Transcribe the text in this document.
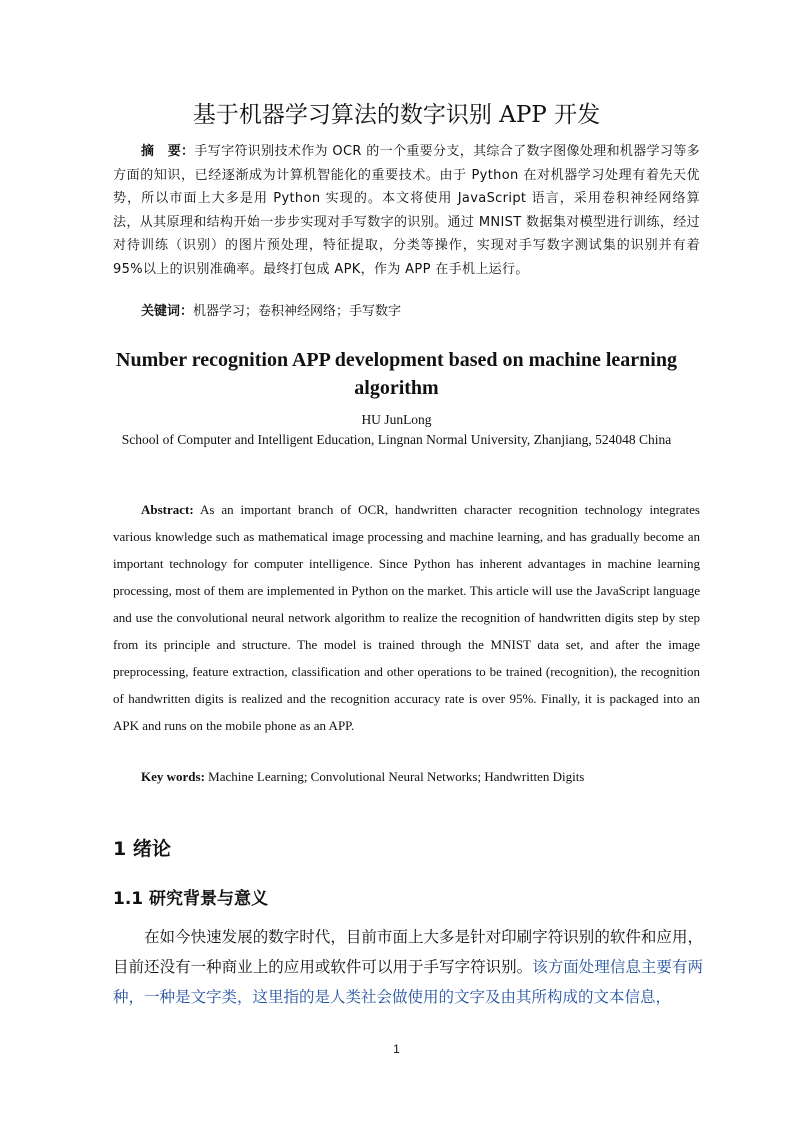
基于机器学习算法的数字识别 APP 开发

摘　要：手写字符识别技术作为 OCR 的一个重要分支，其综合了数字图像处理和机器学习等多方面的知识，已经逐渐成为计算机智能化的重要技术。由于 Python 在对机器学习处理有着先天优势，所以市面上大多是用 Python 实现的。本文将使用 JavaScript 语言，采用卷积神经网络算法，从其原理和结构开始一步步实现对手写数字的识别。通过 MNIST 数据集对模型进行训练，经过对待训练（识别）的图片预处理，特征提取，分类等操作，实现对手写数字测试集的识别并有着 95%以上的识别准确率。最终打包成 APK，作为 APP 在手机上运行。

关键词：机器学习；卷积神经网络；手写数字
Number recognition APP development based on machine learning algorithm
HU JunLong
School of Computer and Intelligent Education, Lingnan Normal University, Zhanjiang, 524048 China

Abstract: As an important branch of OCR, handwritten character recognition technology integrates various knowledge such as mathematical image processing and machine learning, and has gradually become an important technology for computer intelligence. Since Python has inherent advantages in machine learning processing, most of them are implemented in Python on the market. This article will use the JavaScript language and use the convolutional neural network algorithm to realize the recognition of handwritten digits step by step from its principle and structure. The model is trained through the MNIST data set, and after the image preprocessing, feature extraction, classification and other operations to be trained (recognition), the recognition of handwritten digits is realized and the recognition accuracy rate is over 95%. Finally, it is packaged into an APK and runs on the mobile phone as an APP.

Key words: Machine Learning; Convolutional Neural Networks; Handwritten Digits
1 绪论
1.1 研究背景与意义

在如今快速发展的数字时代，目前市面上大多是针对印刷字符识别的软件和应用，目前还没有一种商业上的应用或软件可以用于手写字符识别。该方面处理信息主要有两种，一种是文字类，这里指的是人类社会做使用的文字及由其所构成的文本信息，

1
